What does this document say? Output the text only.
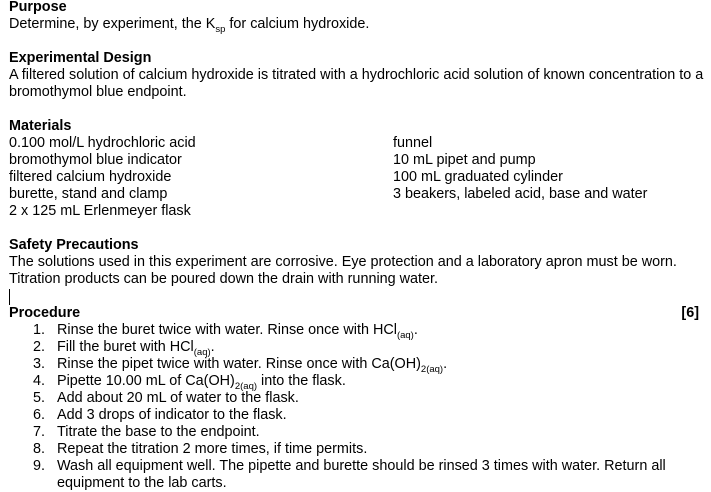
Purpose
Determine, by experiment, the $K_{sp}$ for calcium hydroxide.
Experimental Design
A filtered solution of calcium hydroxide is titrated with a hydrochloric acid solution of known concentration to a
bromothymol blue endpoint.
Materials
0.100 mol/L hydrochloric acid
bromothymol blue indicator
filtered calcium hydroxide
burette, stand and clamp
2 x 125 mL Erlenmeyer flask
funnel
10 mL pipet and pump
100 mL graduated cylinder
3 beakers, labeled acid, base and water
Safety Precautions
The solutions used in this experiment are corrosive. Eye protection and a laboratory apron must be worn.
Titration products can be poured down the drain with running water.
Procedure	[6]
1. Rinse the buret twice with water. Rinse once with HCl$_{(aq)}$.
2. Fill the buret with HCl$_{(aq)}$.
3. Rinse the pipet twice with water. Rinse once with $Ca(OH)_{2(aq)}$.
4. Pipette 10.00 mL of $Ca(OH)_{2(aq)}$ into the flask.
5. Add about 20 mL of water to the flask.
6. Add 3 drops of indicator to the flask.
7. Titrate the base to the endpoint.
8. Repeat the titration 2 more times, if time permits.
9. Wash all equipment well. The pipette and burette should be rinsed 3 times with water. Return all equipment to the lab carts.
